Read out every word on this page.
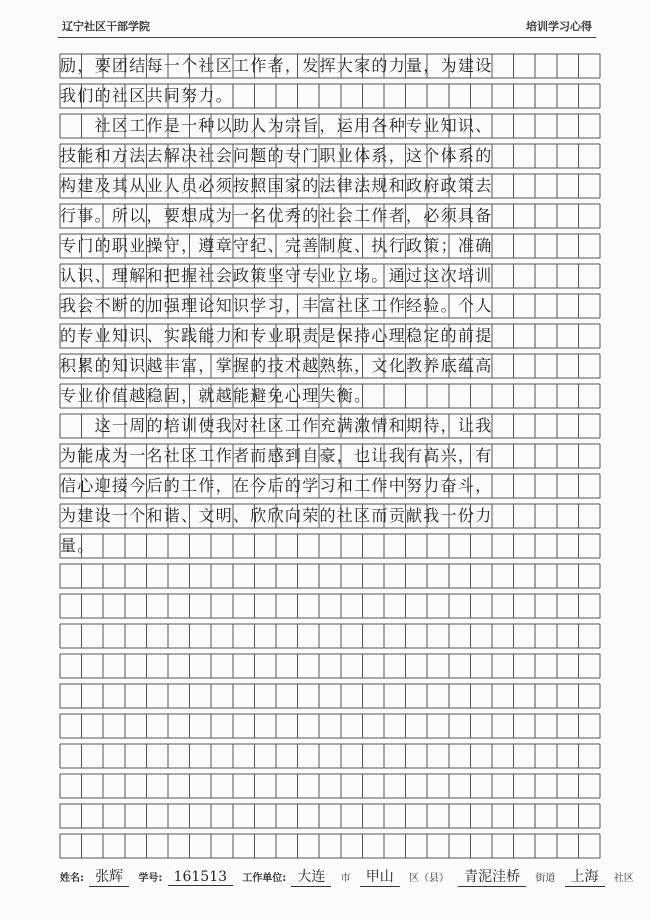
辽宁社区干部学院	培训学习心得
励，要团结每一个社区工作者，发挥大家的力量，为建设
我们的社区共同努力。
　　社区工作是一种以助人为宗旨，运用各种专业知识、
技能和方法去解决社会问题的专门职业体系，这个体系的
构建及其从业人员必须按照国家的法律法规和政府政策去
行事。所以，要想成为一名优秀的社会工作者，必须具备
专门的职业操守，遵章守纪、完善制度、执行政策；准确
认识、理解和把握社会政策坚守专业立场。通过这次培训
我会不断的加强理论知识学习，丰富社区工作经验。个人
的专业知识、实践能力和专业职责是保持心理稳定的前提
积累的知识越丰富，掌握的技术越熟练，文化教养底蕴高
专业价值越稳固，就越能避免心理失衡。
　　这一周的培训使我对社区工作充满激情和期待，让我
为能成为一名社区工作者而感到自豪，也让我有高兴，有
信心迎接今后的工作，在今后的学习和工作中努力奋斗，
为建设一个和谐、文明、欣欣向荣的社区而贡献我一份力
量。
姓名: 张辉 学号: 161513 工作单位: 大连 市 甲山 区（县） 青泥洼桥 街道 上海 社区
